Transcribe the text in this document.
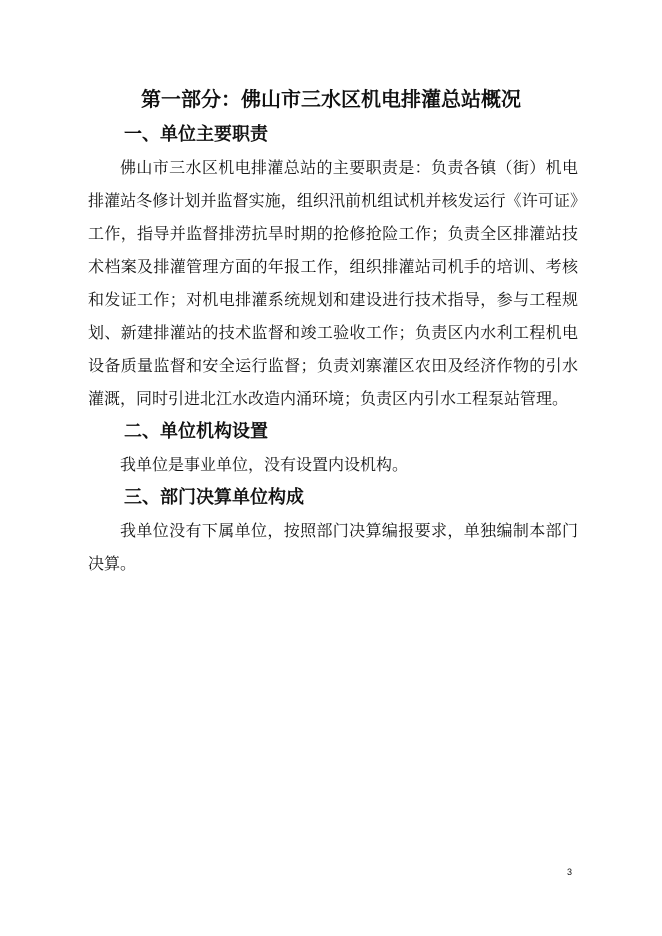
第一部分：佛山市三水区机电排灌总站概况

一、单位主要职责

佛山市三水区机电排灌总站的主要职责是：负责各镇（街）机电排灌站冬修计划并监督实施，组织汛前机组试机并核发运行《许可证》工作，指导并监督排涝抗旱时期的抢修抢险工作；负责全区排灌站技术档案及排灌管理方面的年报工作，组织排灌站司机手的培训、考核和发证工作；对机电排灌系统规划和建设进行技术指导，参与工程规划、新建排灌站的技术监督和竣工验收工作；负责区内水利工程机电设备质量监督和安全运行监督；负责刘寨灌区农田及经济作物的引水灌溉，同时引进北江水改造内涌环境；负责区内引水工程泵站管理。

二、单位机构设置

我单位是事业单位，没有设置内设机构。

三、部门决算单位构成

我单位没有下属单位，按照部门决算编报要求，单独编制本部门决算。

3
